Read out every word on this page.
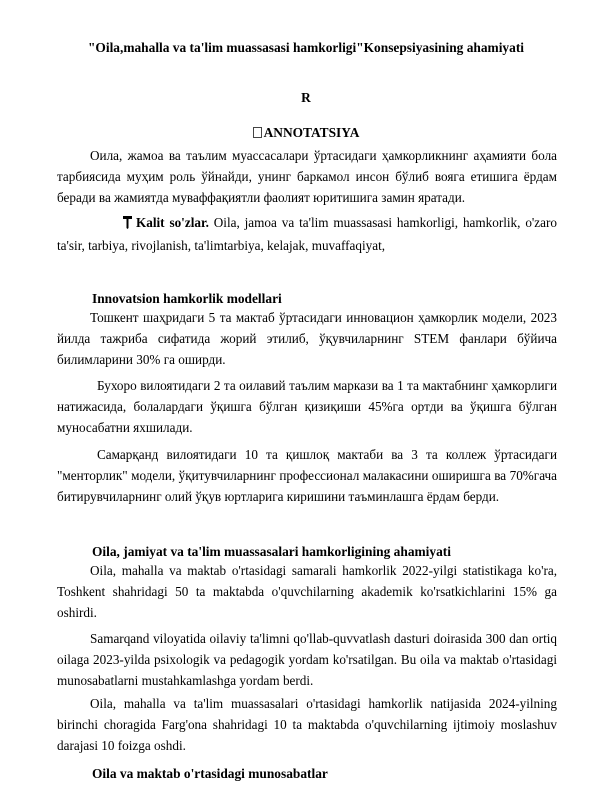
"Oila,mahalla va ta'lim muassasasi hamkorligi"Konsepsiyasining ahamiyati
R
ANNOTATSIYA

Оила, жамоа ва таълим муассасалари ўртасидаги ҳамкорликнинг аҳамияти бола тарбиясида муҳим роль ўйнайди, унинг баркамол инсон бўлиб вояга етишига ёрдам беради ва жамиятда муваффақиятли фаолият юритишига замин яратади.

Kalit so'zlar. Oila, jamoa va ta'lim muassasasi hamkorligi, hamkorlik, o'zaro ta'sir, tarbiya, rivojlanish, ta'limtarbiya, kelajak, muvaffaqiyat,

Innovatsion hamkorlik modellari

Тошкент шаҳридаги 5 та мактаб ўртасидаги инновацион ҳамкорлик модели, 2023 йилда тажриба сифатида жорий этилиб, ўқувчиларнинг STEM фанлари бўйича билимларини 30% га оширди.

Бухоро вилоятидаги 2 та оилавий таълим маркази ва 1 та мактабнинг ҳамкорлиги натижасида, болалардаги ўқишга бўлган қизиқиши 45%га ортди ва ўқишга бўлган муносабатни яхшилади.

Самарқанд вилоятидаги 10 та қишлоқ мактаби ва 3 та коллеж ўртасидаги "менторлик" модели, ўқитувчиларнинг профессионал малакасини оширишга ва 70%гача битирувчиларнинг олий ўқув юртларига киришини таъминлашга ёрдам берди.

Oila, jamiyat va ta'lim muassasalari hamkorligining ahamiyati

Oila, mahalla va maktab o'rtasidagi samarali hamkorlik 2022-yilgi statistikaga ko'ra, Toshkent shahridagi 50 ta maktabda o'quvchilarning akademik ko'rsatkichlarini 15% ga oshirdi.

Samarqand viloyatida oilaviy ta'limni qo'llab-quvvatlash dasturi doirasida 300 dan ortiq oilaga 2023-yilda psixologik va pedagogik yordam ko'rsatilgan. Bu oila va maktab o'rtasidagi munosabatlarni mustahkamlashga yordam berdi.

Oila, mahalla va ta'lim muassasalari o'rtasidagi hamkorlik natijasida 2024-yilning birinchi choragida Farg'ona shahridagi 10 ta maktabda o'quvchilarning ijtimoiy moslashuv darajasi 10 foizga oshdi.

Oila va maktab o'rtasidagi munosabatlar
